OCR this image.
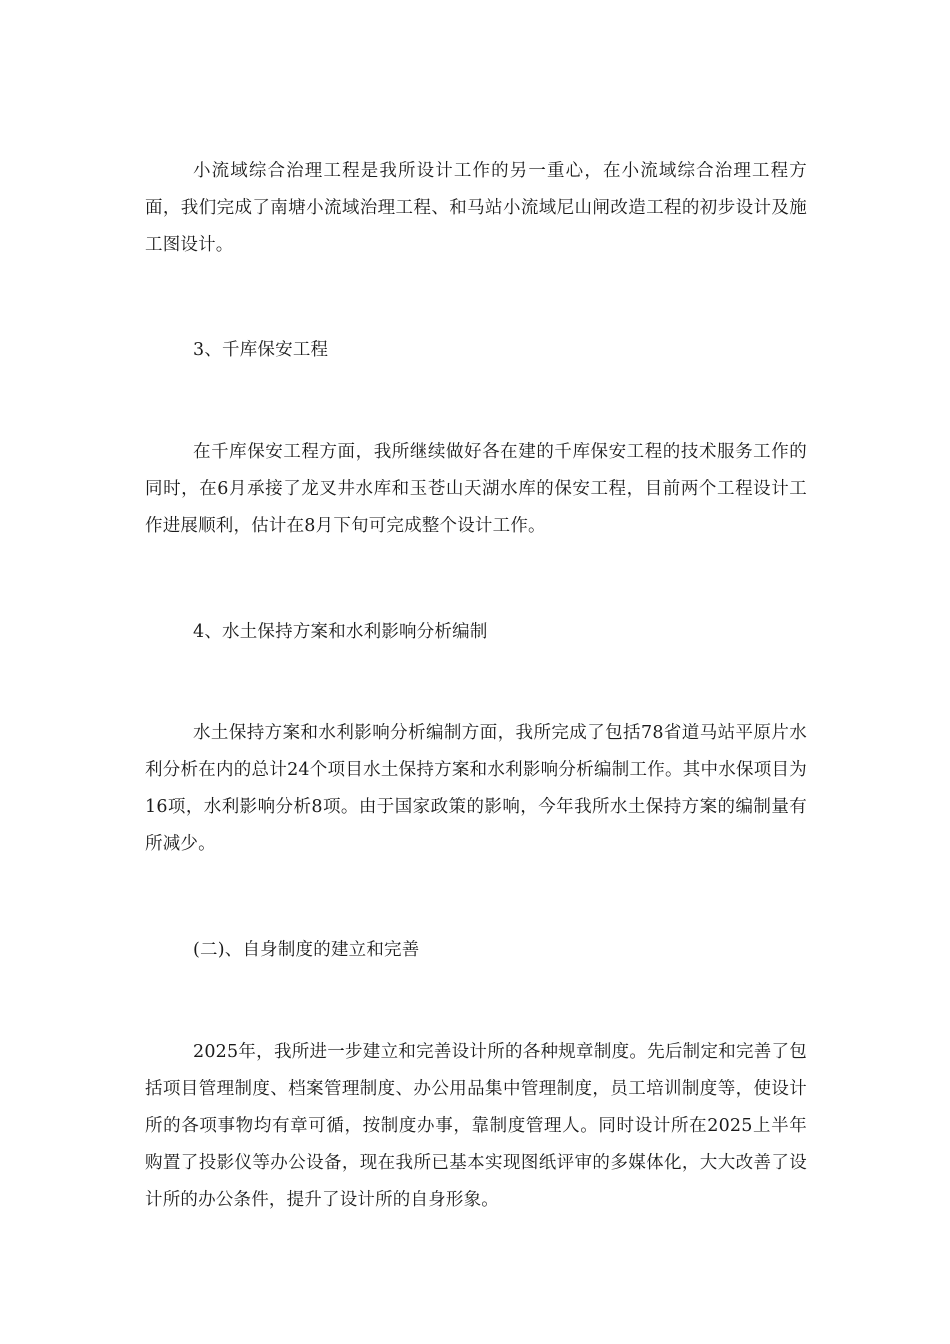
小流域综合治理工程是我所设计工作的另一重心，在小流域综合治理工程方面，我们完成了南塘小流域治理工程、和马站小流域尼山闸改造工程的初步设计及施工图设计。

3、千库保安工程

在千库保安工程方面，我所继续做好各在建的千库保安工程的技术服务工作的同时，在6月承接了龙叉井水库和玉苍山天湖水库的保安工程，目前两个工程设计工作进展顺利，估计在8月下旬可完成整个设计工作。

4、水土保持方案和水利影响分析编制

水土保持方案和水利影响分析编制方面，我所完成了包括78省道马站平原片水利分析在内的总计24个项目水土保持方案和水利影响分析编制工作。其中水保项目为16项，水利影响分析8项。由于国家政策的影响，今年我所水土保持方案的编制量有所减少。

(二)、自身制度的建立和完善

2025年，我所进一步建立和完善设计所的各种规章制度。先后制定和完善了包括项目管理制度、档案管理制度、办公用品集中管理制度，员工培训制度等，使设计所的各项事物均有章可循，按制度办事，靠制度管理人。同时设计所在2025上半年购置了投影仪等办公设备，现在我所已基本实现图纸评审的多媒体化，大大改善了设计所的办公条件，提升了设计所的自身形象。
